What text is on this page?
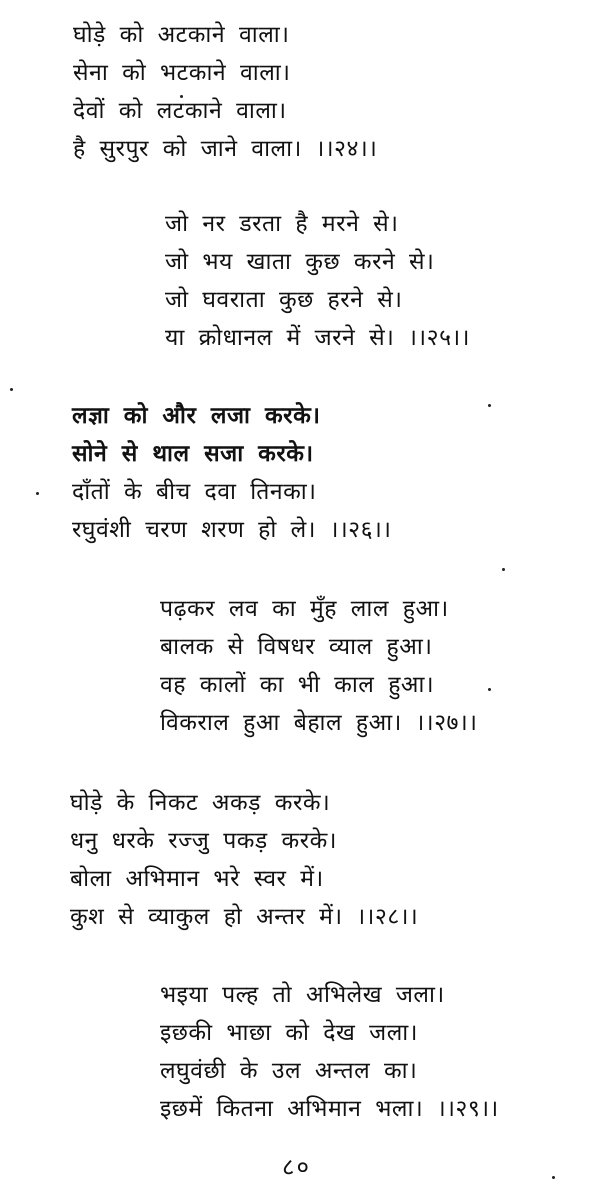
घोड़े को अटकाने वाला।
सेना को भटकाने वाला।
देवों को लटकाने वाला।
है सुरपुर को जाने वाला। ।।२४।।
जो नर डरता है मरने से।
जो भय खाता कुछ करने से।
जो घवराता कुछ हरने से।
या क्रोधानल में जरने से। ।।२५।।
लज्ञा को और लजा करके।
सोने से थाल सजा करके।
दाँतों के बीच दवा तिनका।
रघुवंशी चरण शरण हो ले। ।।२६।।
पढ़कर लव का मुँह लाल हुआ।
बालक से विषधर व्याल हुआ।
वह कालों का भी काल हुआ।
विकराल हुआ बेहाल हुआ। ।।२७।।
घोड़े के निकट अकड़ करके।
धनु धरके रज्जु पकड़ करके।
बोला अभिमान भरे स्वर में।
कुश से व्याकुल हो अन्तर में। ।।२८।।
भइया पल्ह तो अभिलेख जला।
इछकी भाछा को देख जला।
लघुवंछी के उल अन्तल का।
इछमें कितना अभिमान भला। ।।२९।।
८०
